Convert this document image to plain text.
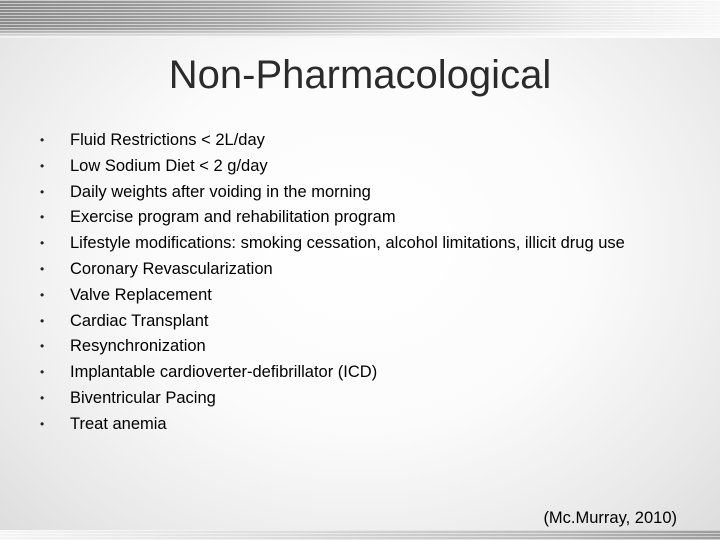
Non-Pharmacological
•	Fluid Restrictions < 2L/day
•	Low Sodium Diet < 2 g/day
•	Daily weights after voiding in the morning
•	Exercise program and rehabilitation program
•	Lifestyle modifications: smoking cessation, alcohol limitations, illicit drug use
•	Coronary Revascularization
•	Valve Replacement
•	Cardiac Transplant
•	Resynchronization
•	Implantable cardioverter-defibrillator (ICD)
•	Biventricular Pacing
•	Treat anemia
(Mc.Murray, 2010)
